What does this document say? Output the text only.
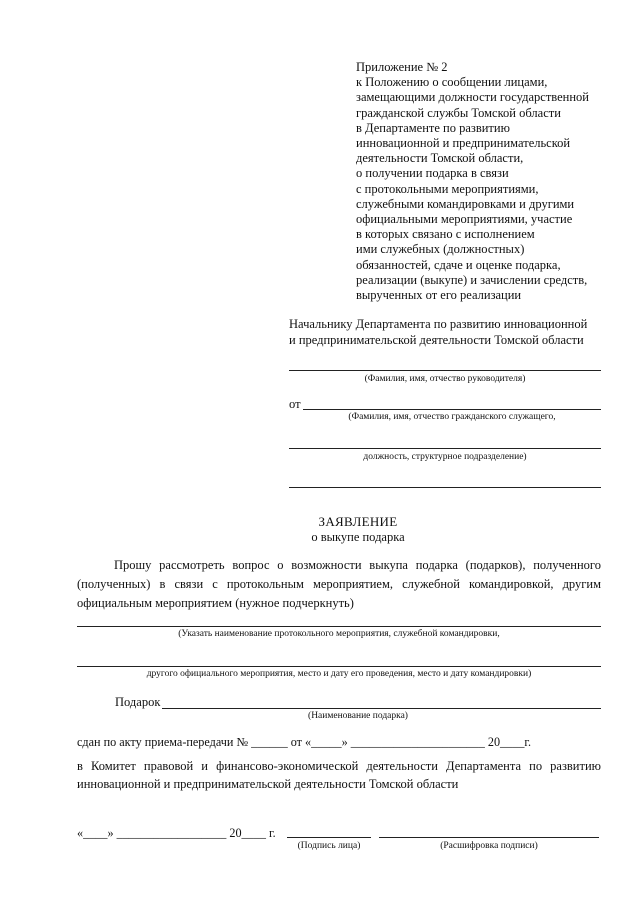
Приложение № 2
к Положению о сообщении лицами,
замещающими должности государственной
гражданской службы Томской области
в Департаменте по развитию
инновационной и предпринимательской
деятельности Томской области,
о получении подарка в связи
с протокольными мероприятиями,
служебными командировками и другими
официальными мероприятиями, участие
в которых связано с исполнением
ими служебных (должностных)
обязанностей, сдаче и оценке подарка,
реализации (выкупе) и зачислении средств,
вырученных от его реализации
Начальнику Департамента по развитию инновационной
и предпринимательской деятельности Томской области
(Фамилия, имя, отчество руководителя)
от
(Фамилия, имя, отчество гражданского служащего,
должность, структурное подразделение)
ЗАЯВЛЕНИЕ
о выкупе подарка
Прошу рассмотреть вопрос о возможности выкупа подарка (подарков), полученного (полученных) в связи с протокольным мероприятием, служебной командировкой, другим официальным мероприятием (нужное подчеркнуть)
(Указать наименование протокольного мероприятия, служебной командировки,
другого официального мероприятия, место и дату его проведения, место и дату командировки)
Подарок
(Наименование подарка)
сдан по акту приема-передачи № ______ от «_____» ______________________ 20____г.
в Комитет правовой и финансово-экономической деятельности Департамента по развитию инновационной и предпринимательской деятельности Томской области
«____» __________________ 20____ г.
(Подпись лица)	(Расшифровка подписи)
